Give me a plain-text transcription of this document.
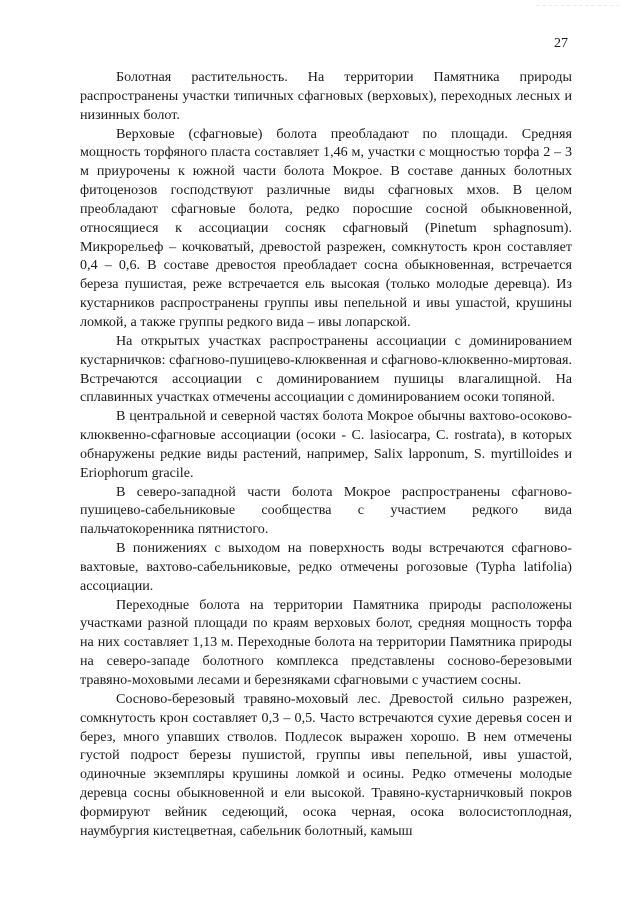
— — — — — — — — — — — — — —
27

Болотная растительность. На территории Памятника природы распространены участки типичных сфагновых (верховых), переходных лесных и низинных болот.

Верховые (сфагновые) болота преобладают по площади. Средняя мощность торфяного пласта составляет 1,46 м, участки с мощностью торфа 2 – 3 м приурочены к южной части болота Мокрое. В составе данных болотных фитоценозов господствуют различные виды сфагновых мхов. В целом преобладают сфагновые болота, редко поросшие сосной обыкновенной, относящиеся к ассоциации сосняк сфагновый (Pinetum sphagnosum). Микрорельеф – кочковатый, древостой разрежен, сомкнутость крон составляет 0,4 – 0,6. В составе древостоя преобладает сосна обыкновенная, встречается береза пушистая, реже встречается ель высокая (только молодые деревца). Из кустарников распространены группы ивы пепельной и ивы ушастой, крушины ломкой, а также группы редкого вида – ивы лопарской.

На открытых участках распространены ассоциации с доминированием кустарничков: сфагново-пушицево-клюквенная и сфагново-клюквенно-миртовая. Встречаются ассоциации с доминированием пушицы влагалищной. На сплавинных участках отмечены ассоциации с доминированием осоки топяной.

В центральной и северной частях болота Мокрое обычны вахтово-осоково-клюквенно-сфагновые ассоциации (осоки - C. lasiocarpa, C. rostrata), в которых обнаружены редкие виды растений, например, Salix lapponum, S. myrtilloides и Eriophorum gracile.

В северо-западной части болота Мокрое распространены сфагново-пушицево-сабельниковые сообщества с участием редкого вида пальчатокоренника пятнистого.

В понижениях с выходом на поверхность воды встречаются сфагново-вахтовые, вахтово-сабельниковые, редко отмечены рогозовые (Typha latifolia) ассоциации.

Переходные болота на территории Памятника природы расположены участками разной площади по краям верховых болот, средняя мощность торфа на них составляет 1,13 м. Переходные болота на территории Памятника природы на северо-западе болотного комплекса представлены сосново-березовыми травяно-моховыми лесами и березняками сфагновыми с участием сосны.

Сосново-березовый травяно-моховый лес. Древостой сильно разрежен, сомкнутость крон составляет 0,3 – 0,5. Часто встречаются сухие деревья сосен и берез, много упавших стволов. Подлесок выражен хорошо. В нем отмечены густой подрост березы пушистой, группы ивы пепельной, ивы ушастой, одиночные экземпляры крушины ломкой и осины. Редко отмечены молодые деревца сосны обыкновенной и ели высокой. Травяно-кустарничковый покров формируют вейник седеющий, осока черная, осока волосистоплодная, наумбургия кистецветная, сабельник болотный, камыш
